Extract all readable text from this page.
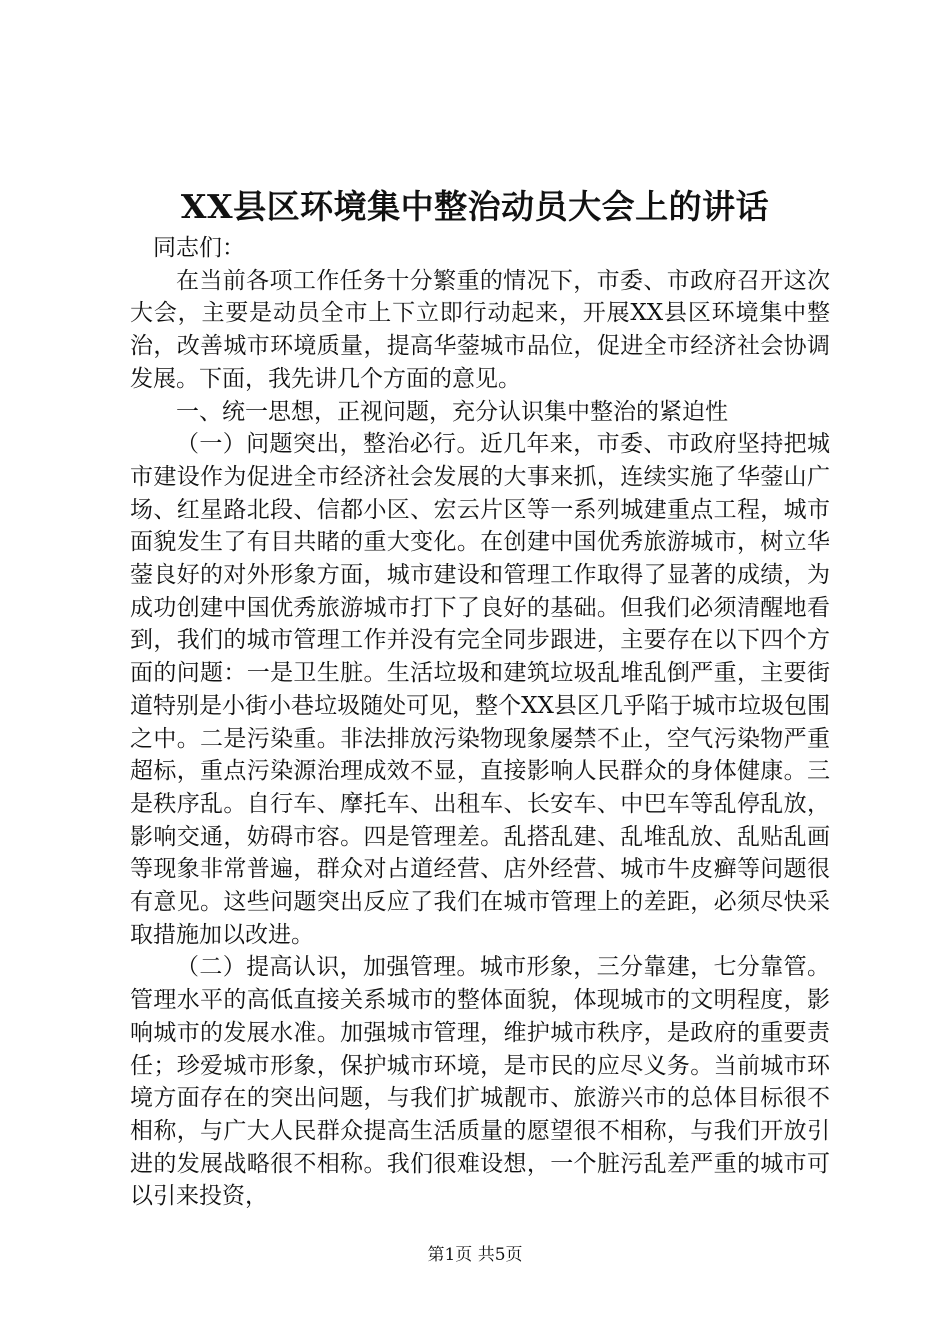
XX县区环境集中整治动员大会上的讲话

同志们：

在当前各项工作任务十分繁重的情况下，市委、市政府召开这次大会，主要是动员全市上下立即行动起来，开展XX县区环境集中整治，改善城市环境质量，提高华蓥城市品位，促进全市经济社会协调发展。下面，我先讲几个方面的意见。

一、统一思想，正视问题，充分认识集中整治的紧迫性

（一）问题突出，整治必行。近几年来，市委、市政府坚持把城市建设作为促进全市经济社会发展的大事来抓，连续实施了华蓥山广场、红星路北段、信都小区、宏云片区等一系列城建重点工程，城市面貌发生了有目共睹的重大变化。在创建中国优秀旅游城市，树立华蓥良好的对外形象方面，城市建设和管理工作取得了显著的成绩，为成功创建中国优秀旅游城市打下了良好的基础。但我们必须清醒地看到，我们的城市管理工作并没有完全同步跟进，主要存在以下四个方面的问题：一是卫生脏。生活垃圾和建筑垃圾乱堆乱倒严重，主要街道特别是小街小巷垃圾随处可见，整个XX县区几乎陷于城市垃圾包围之中。二是污染重。非法排放污染物现象屡禁不止，空气污染物严重超标，重点污染源治理成效不显，直接影响人民群众的身体健康。三是秩序乱。自行车、摩托车、出租车、长安车、中巴车等乱停乱放，影响交通，妨碍市容。四是管理差。乱搭乱建、乱堆乱放、乱贴乱画等现象非常普遍，群众对占道经营、店外经营、城市牛皮癣等问题很有意见。这些问题突出反应了我们在城市管理上的差距，必须尽快采取措施加以改进。

（二）提高认识，加强管理。城市形象，三分靠建，七分靠管。管理水平的高低直接关系城市的整体面貌，体现城市的文明程度，影响城市的发展水准。加强城市管理，维护城市秩序，是政府的重要责任；珍爱城市形象，保护城市环境，是市民的应尽义务。当前城市环境方面存在的突出问题，与我们扩城靓市、旅游兴市的总体目标很不相称，与广大人民群众提高生活质量的愿望很不相称，与我们开放引进的发展战略很不相称。我们很难设想，一个脏污乱差严重的城市可以引来投资，

第1页 共5页
